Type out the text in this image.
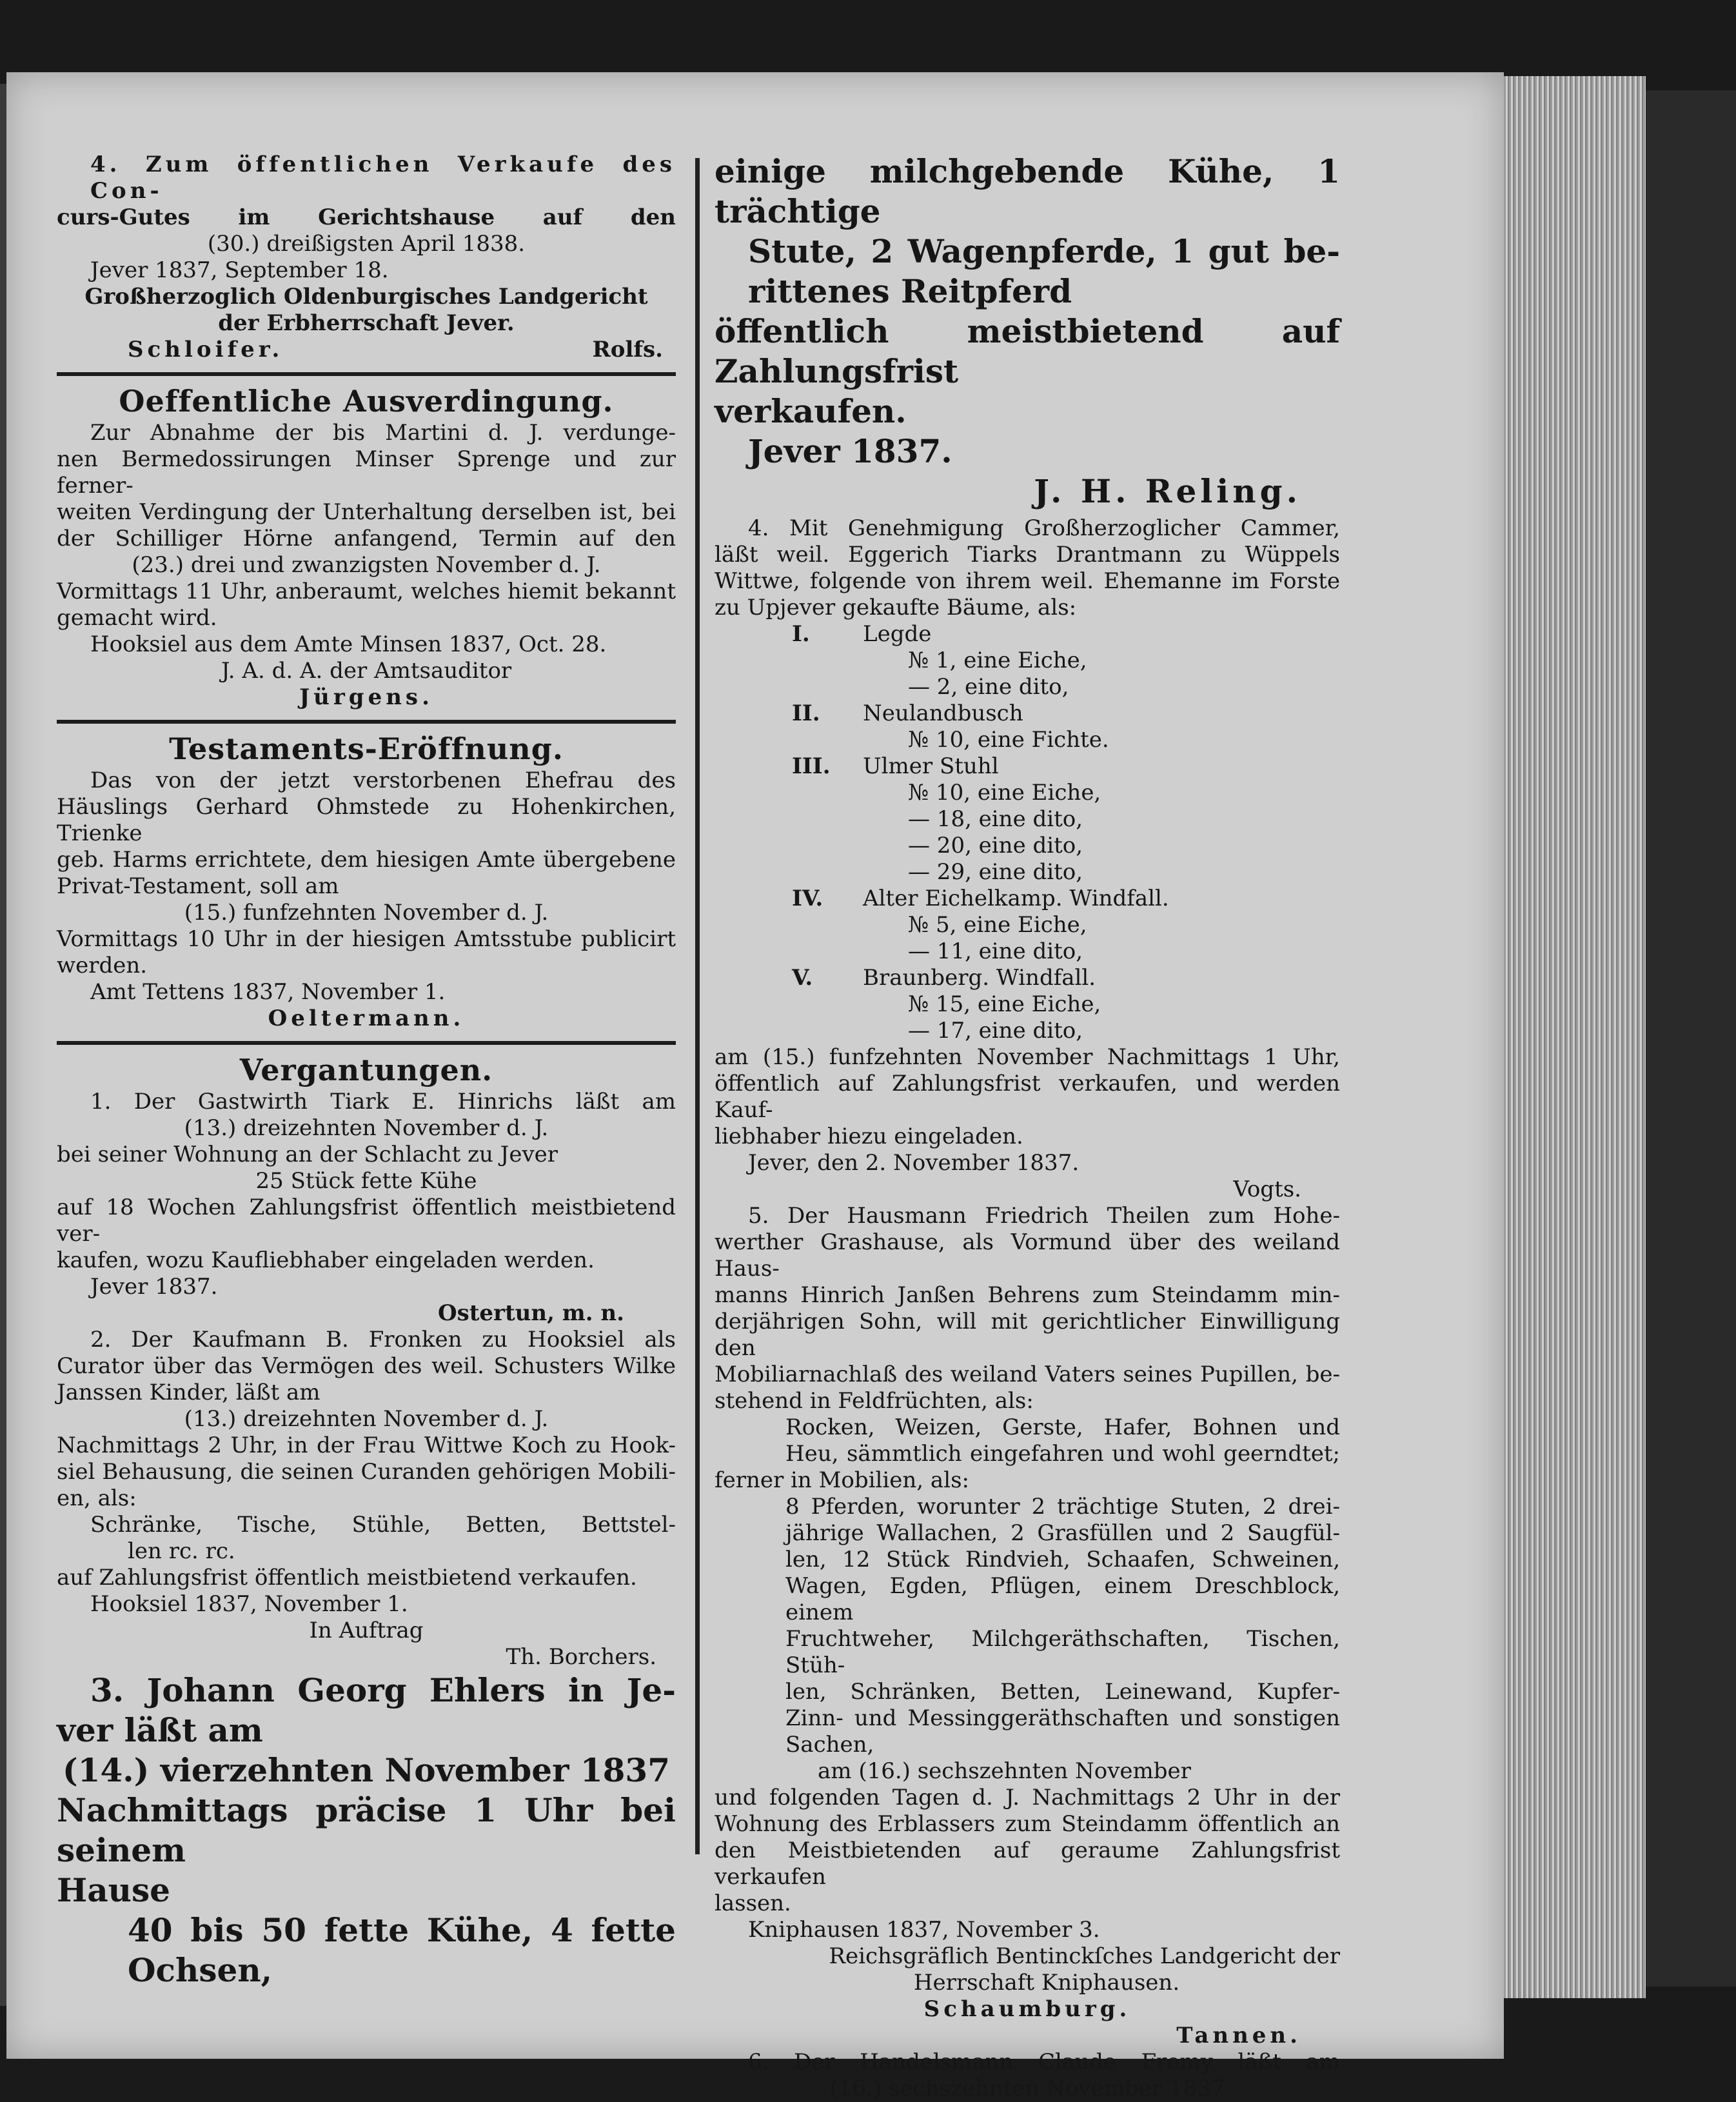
4. Zum öffentlichen Verkaufe des Con-

curs-Gutes im Gerichtshause auf den

(30.) dreißigsten April 1838.

Jever 1837, September 18.

Großherzoglich Oldenburgisches Landgericht

der Erbherrschaft Jever.

Schloifer.	Rolfs.

Oeffentliche Ausverdingung.

Zur Abnahme der bis Martini d. J. verdunge-

nen Bermedossirungen Minser Sprenge und zur ferner-

weiten Verdingung der Unterhaltung derselben ist, bei

der Schilliger Hörne anfangend, Termin auf den

(23.) drei und zwanzigsten November d. J.

Vormittags 11 Uhr, anberaumt, welches hiemit bekannt

gemacht wird.

Hooksiel aus dem Amte Minsen 1837, Oct. 28.

J. A. d. A. der Amtsauditor

Jürgens.

Testaments-Eröffnung.

Das von der jetzt verstorbenen Ehefrau des

Häuslings Gerhard Ohmstede zu Hohenkirchen, Trienke

geb. Harms errichtete, dem hiesigen Amte übergebene

Privat-Testament, soll am

(15.) funfzehnten November d. J.

Vormittags 10 Uhr in der hiesigen Amtsstube publicirt

werden.

Amt Tettens 1837, November 1.

Oeltermann.

Vergantungen.

1. Der Gastwirth Tiark E. Hinrichs läßt am

(13.) dreizehnten November d. J.

bei seiner Wohnung an der Schlacht zu Jever

25 Stück fette Kühe

auf 18 Wochen Zahlungsfrist öffentlich meistbietend ver-

kaufen, wozu Kaufliebhaber eingeladen werden.

Jever 1837.

Ostertun, m. n.

2. Der Kaufmann B. Fronken zu Hooksiel als

Curator über das Vermögen des weil. Schusters Wilke

Janssen Kinder, läßt am

(13.) dreizehnten November d. J.

Nachmittags 2 Uhr, in der Frau Wittwe Koch zu Hook-

siel Behausung, die seinen Curanden gehörigen Mobili-

en, als:

Schränke, Tische, Stühle, Betten, Bettstel-

len rc. rc.

auf Zahlungsfrist öffentlich meistbietend verkaufen.

Hooksiel 1837, November 1.

In Auftrag

Th. Borchers.

3. Johann Georg Ehlers in Je-

ver läßt am

(14.) vierzehnten November 1837

Nachmittags präcise 1 Uhr bei seinem

Hause

40 bis 50 fette Kühe, 4 fette Ochsen,

einige milchgebende Kühe, 1 trächtige

Stute, 2 Wagenpferde, 1 gut be-

rittenes Reitpferd

öffentlich meistbietend auf Zahlungsfrist

verkaufen.

Jever 1837.

J. H. Reling.

4. Mit Genehmigung Großherzoglicher Cammer,

läßt weil. Eggerich Tiarks Drantmann zu Wüppels

Wittwe, folgende von ihrem weil. Ehemanne im Forste

zu Upjever gekaufte Bäume, als:

I.	Legde
№ 1, eine Eiche,
— 2, eine dito,
II.	Neulandbusch
№ 10, eine Fichte.
III.	Ulmer Stuhl
№ 10, eine Eiche,
— 18, eine dito,
— 20, eine dito,
— 29, eine dito,
IV.	Alter Eichelkamp. Windfall.
№ 5, eine Eiche,
— 11, eine dito,
V.	Braunberg. Windfall.
№ 15, eine Eiche,
— 17, eine dito,

am (15.) funfzehnten November Nachmittags 1 Uhr,

öffentlich auf Zahlungsfrist verkaufen, und werden Kauf-

liebhaber hiezu eingeladen.

Jever, den 2. November 1837.

Vogts.

5. Der Hausmann Friedrich Theilen zum Hohe-

werther Grashause, als Vormund über des weiland Haus-

manns Hinrich Janßen Behrens zum Steindamm min-

derjährigen Sohn, will mit gerichtlicher Einwilligung den

Mobiliarnachlaß des weiland Vaters seines Pupillen, be-

stehend in Feldfrüchten, als:

Rocken, Weizen, Gerste, Hafer, Bohnen und

Heu, sämmtlich eingefahren und wohl geerndtet;

ferner in Mobilien, als:

8 Pferden, worunter 2 trächtige Stuten, 2 drei-

jährige Wallachen, 2 Grasfüllen und 2 Saugfül-

len, 12 Stück Rindvieh, Schaafen, Schweinen,

Wagen, Egden, Pflügen, einem Dreschblock, einem

Fruchtweher, Milchgeräthschaften, Tischen, Stüh-

len, Schränken, Betten, Leinewand, Kupfer-

Zinn- und Messinggeräthschaften und sonstigen

Sachen,

am (16.) sechszehnten November

und folgenden Tagen d. J. Nachmittags 2 Uhr in der

Wohnung des Erblassers zum Steindamm öffentlich an

den Meistbietenden auf geraume Zahlungsfrist verkaufen

lassen.

Kniphausen 1837, November 3.

Reichsgräflich Bentinckſches Landgericht der

Herrschaft Kniphausen.

Schaumburg.

Tannen.

6. Der Handelsmann Claude Fremy läßt am

(16.) sechszehnten November 1837
